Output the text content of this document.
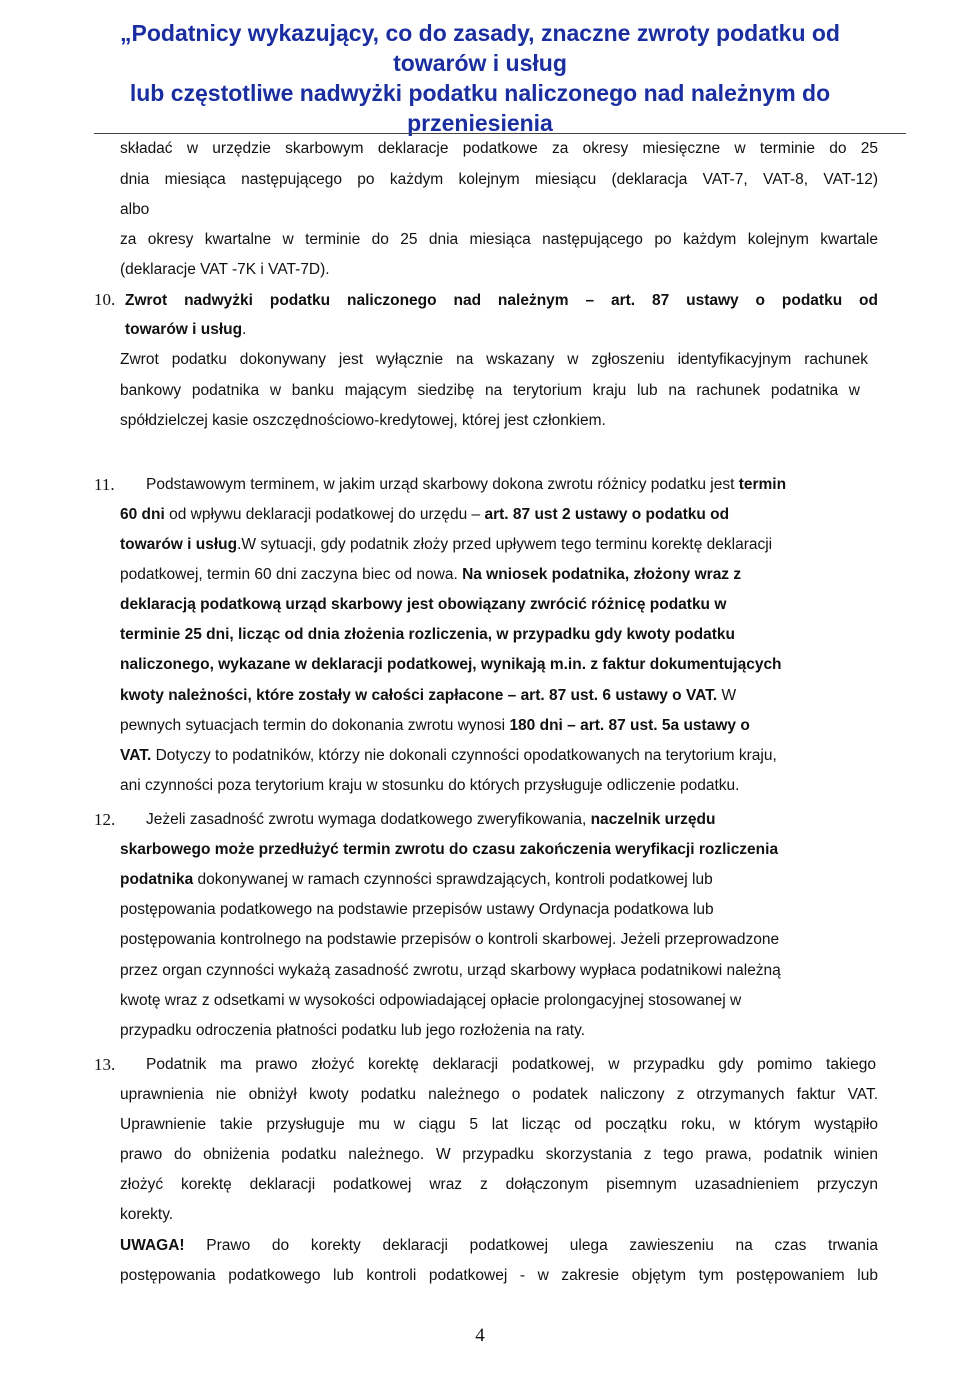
„Podatnicy wykazujący, co do zasady, znaczne zwroty podatku od
towarów i usług
lub częstotliwe nadwyżki podatku naliczonego nad należnym do
przeniesienia
składać w urzędzie skarbowym deklaracje podatkowe za okresy miesięczne w terminie do 25
dnia miesiąca następującego po każdym kolejnym miesiącu (deklaracja VAT-7, VAT-8, VAT-12)
albo
za okresy kwartalne w terminie do 25 dnia miesiąca następującego po każdym kolejnym kwartale
(deklaracje VAT -7K i VAT-7D).
10. Zwrot nadwyżki podatku naliczonego nad należnym – art. 87 ustawy o podatku od
towarów i usług.
Zwrot podatku dokonywany jest wyłącznie na wskazany w zgłoszeniu identyfikacyjnym rachunek
bankowy podatnika w banku mającym siedzibę na terytorium kraju lub na rachunek podatnika w
spółdzielczej kasie oszczędnościowo-kredytowej, której jest członkiem.
11. Podstawowym terminem, w jakim urząd skarbowy dokona zwrotu różnicy podatku jest termin
60 dni od wpływu deklaracji podatkowej do urzędu – art. 87 ust 2 ustawy o podatku od
towarów i usług.W sytuacji, gdy podatnik złoży przed upływem tego terminu korektę deklaracji
podatkowej, termin 60 dni zaczyna biec od nowa. Na wniosek podatnika, złożony wraz z
deklaracją podatkową urząd skarbowy jest obowiązany zwrócić różnicę podatku w
terminie 25 dni, licząc od dnia złożenia rozliczenia, w przypadku gdy kwoty podatku
naliczonego, wykazane w deklaracji podatkowej, wynikają m.in. z faktur dokumentujących
kwoty należności, które zostały w całości zapłacone – art. 87 ust. 6 ustawy o VAT. W
pewnych sytuacjach termin do dokonania zwrotu wynosi 180 dni – art. 87 ust. 5a ustawy o
VAT. Dotyczy to podatników, którzy nie dokonali czynności opodatkowanych na terytorium kraju,
ani czynności poza terytorium kraju w stosunku do których przysługuje odliczenie podatku.
12. Jeżeli zasadność zwrotu wymaga dodatkowego zweryfikowania, naczelnik urzędu
skarbowego może przedłużyć termin zwrotu do czasu zakończenia weryfikacji rozliczenia
podatnika dokonywanej w ramach czynności sprawdzających, kontroli podatkowej lub
postępowania podatkowego na podstawie przepisów ustawy Ordynacja podatkowa lub
postępowania kontrolnego na podstawie przepisów o kontroli skarbowej. Jeżeli przeprowadzone
przez organ czynności wykażą zasadność zwrotu, urząd skarbowy wypłaca podatnikowi należną
kwotę wraz z odsetkami w wysokości odpowiadającej opłacie prolongacyjnej stosowanej w
przypadku odroczenia płatności podatku lub jego rozłożenia na raty.
13. Podatnik ma prawo złożyć korektę deklaracji podatkowej, w przypadku gdy pomimo takiego
uprawnienia nie obniżył kwoty podatku należnego o podatek naliczony z otrzymanych faktur VAT.
Uprawnienie takie przysługuje mu w ciągu 5 lat licząc od początku roku, w którym wystąpiło
prawo do obniżenia podatku należnego. W przypadku skorzystania z tego prawa, podatnik winien
złożyć korektę deklaracji podatkowej wraz z dołączonym pisemnym uzasadnieniem przyczyn
korekty.
UWAGA! Prawo do korekty deklaracji podatkowej ulega zawieszeniu na czas trwania
postępowania podatkowego lub kontroli podatkowej - w zakresie objętym tym postępowaniem lub
4
